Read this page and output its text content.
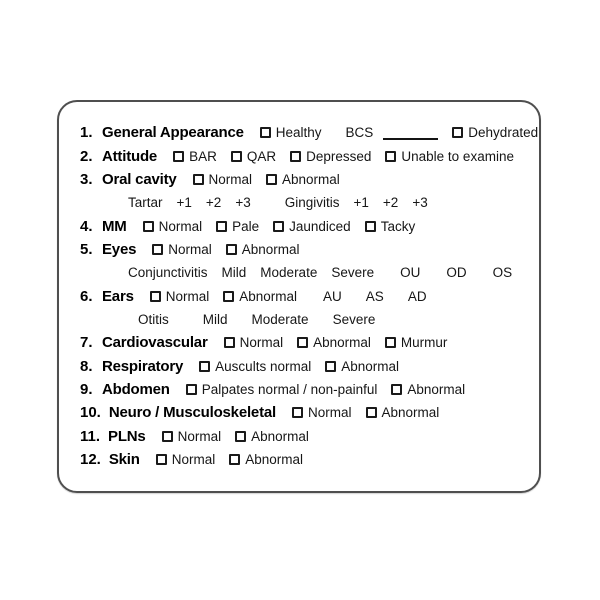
1. General Appearance Healthy BCS	Dehydrated
2. Attitude BAR QAR Depressed Unable to examine
3. Oral cavity Normal Abnormal
Tartar +1 +2 +3	Gingivitis +1 +2 +3
4. MM Normal Pale Jaundiced Tacky
5. Eyes Normal Abnormal
Conjunctivitis Mild Moderate Severe OU OD OS
6. Ears Normal Abnormal AU AS AD
Otitis	Mild Moderate Severe
7. Cardiovascular Normal Abnormal Murmur
8. Respiratory Auscults normal Abnormal
9. Abdomen Palpates normal / non-painful Abnormal
10. Neuro / Musculoskeletal Normal Abnormal
11. PLNs Normal Abnormal
12. Skin Normal Abnormal
